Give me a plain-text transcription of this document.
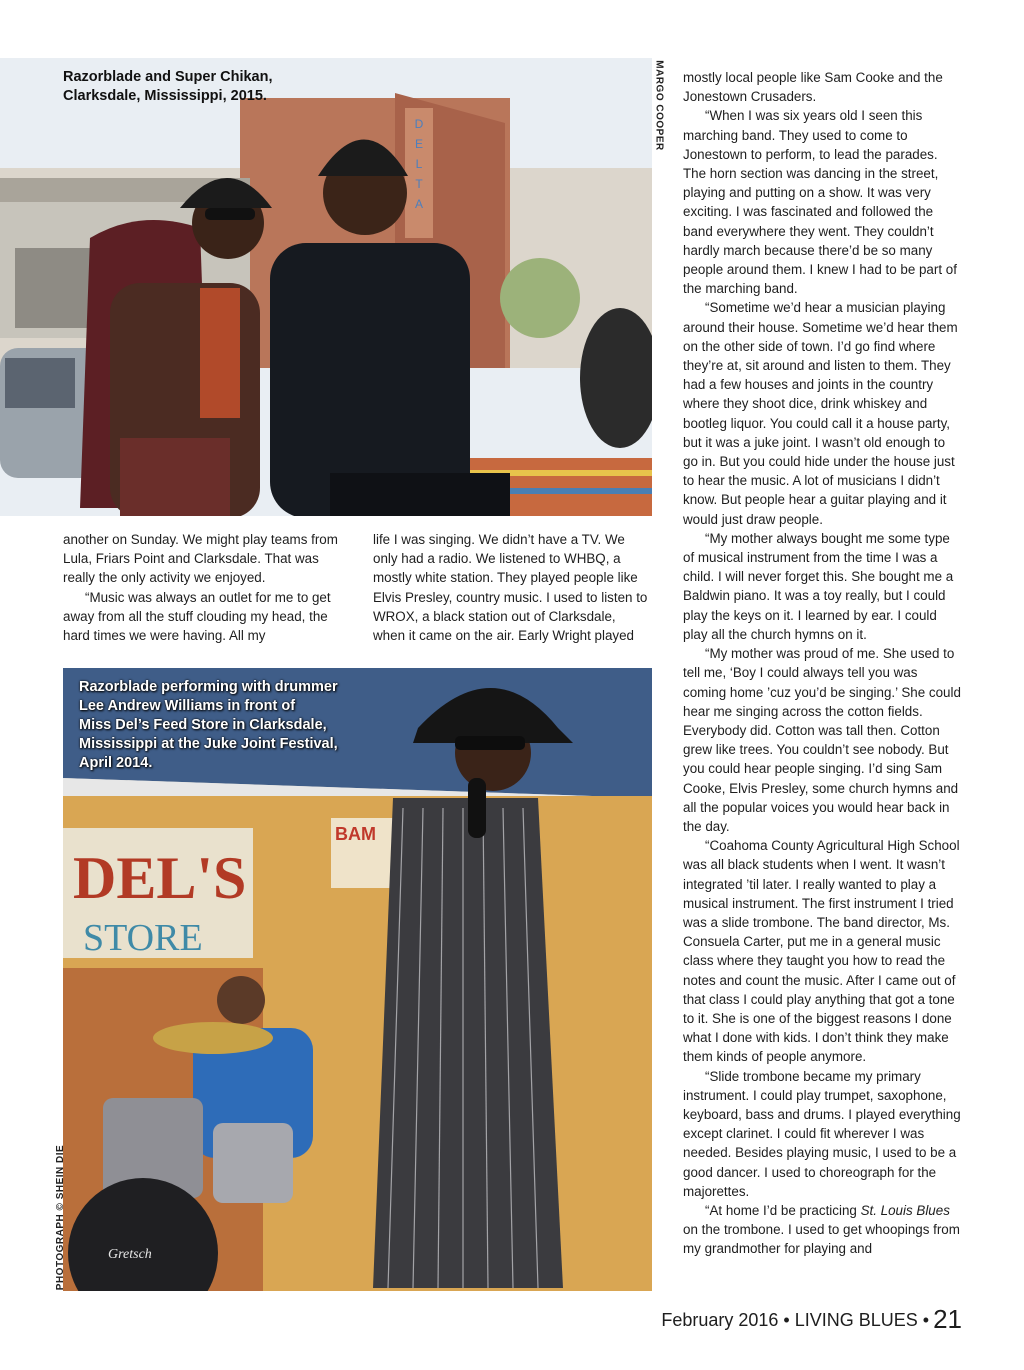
D
E
L
T
A
Razorblade and Super Chikan,
Clarksdale, Mississippi, 2015.	MARGO COOPER

another on Sunday. We might play teams from Lula, Friars Point and Clarksdale. That was really the only activity we enjoyed.

“Music was always an outlet for me to get away from all the stuff clouding my head, the hard times we were having. All my

life I was singing. We didn’t have a TV. We only had a radio. We listened to WHBQ, a mostly white station. They played people like Elvis Presley, country music. I used to listen to WROX, a black station out of Clarksdale, when it came on the air. Early Wright played

DEL'S
STORE
BAM
Gretsch
Razorblade performing with drummer
Lee Andrew Williams in front of
Miss Del’s Feed Store in Clarksdale,
Mississippi at the Juke Joint Festival,
April 2014.
PHOTOGRAPH © SHEIN DIE

mostly local people like Sam Cooke and the Jonestown Crusaders.

“When I was six years old I seen this marching band. They used to come to Jonestown to perform, to lead the parades. The horn section was dancing in the street, playing and putting on a show. It was very exciting. I was fascinated and followed the band everywhere they went. They couldn’t hardly march because there’d be so many people around them. I knew I had to be part of the marching band.

“Sometime we’d hear a musician playing around their house. Sometime we’d hear them on the other side of town. I’d go find where they’re at, sit around and listen to them. They had a few houses and joints in the country where they shoot dice, drink whiskey and bootleg liquor. You could call it a house party, but it was a juke joint. I wasn’t old enough to go in. But you could hide under the house just to hear the music. A lot of musicians I didn’t know. But people hear a guitar playing and it would just draw people.

“My mother always bought me some type of musical instrument from the time I was a child. I will never forget this. She bought me a Baldwin piano. It was a toy really, but I could play the keys on it. I learned by ear. I could play all the church hymns on it.

“My mother was proud of me. She used to tell me, ‘Boy I could always tell you was coming home ’cuz you’d be singing.’ She could hear me singing across the cotton fields. Everybody did. Cotton was tall then. Cotton grew like trees. You couldn’t see nobody. But you could hear people singing. I’d sing Sam Cooke, Elvis Presley, some church hymns and all the popular voices you would hear back in the day.

“Coahoma County Agricultural High School was all black students when I went. It wasn’t integrated ’til later. I really wanted to play a musical instrument. The first instrument I tried was a slide trombone. The band director, Ms. Consuela Carter, put me in a general music class where they taught you how to read the notes and count the music. After I came out of that class I could play anything that got a tone to it. She is one of the biggest reasons I done what I done with kids. I don’t think they make them kinds of people anymore.

“Slide trombone became my primary instrument. I could play trumpet, saxophone, keyboard, bass and drums. I played everything except clarinet. I could fit wherever I was needed. Besides playing music, I used to be a good dancer. I used to choreograph for the majorettes.

“At home I’d be practicing St. Louis Blues on the trombone. I used to get whoopings from my grandmother for playing and

February 2016 • LIVING BLUES • 21
